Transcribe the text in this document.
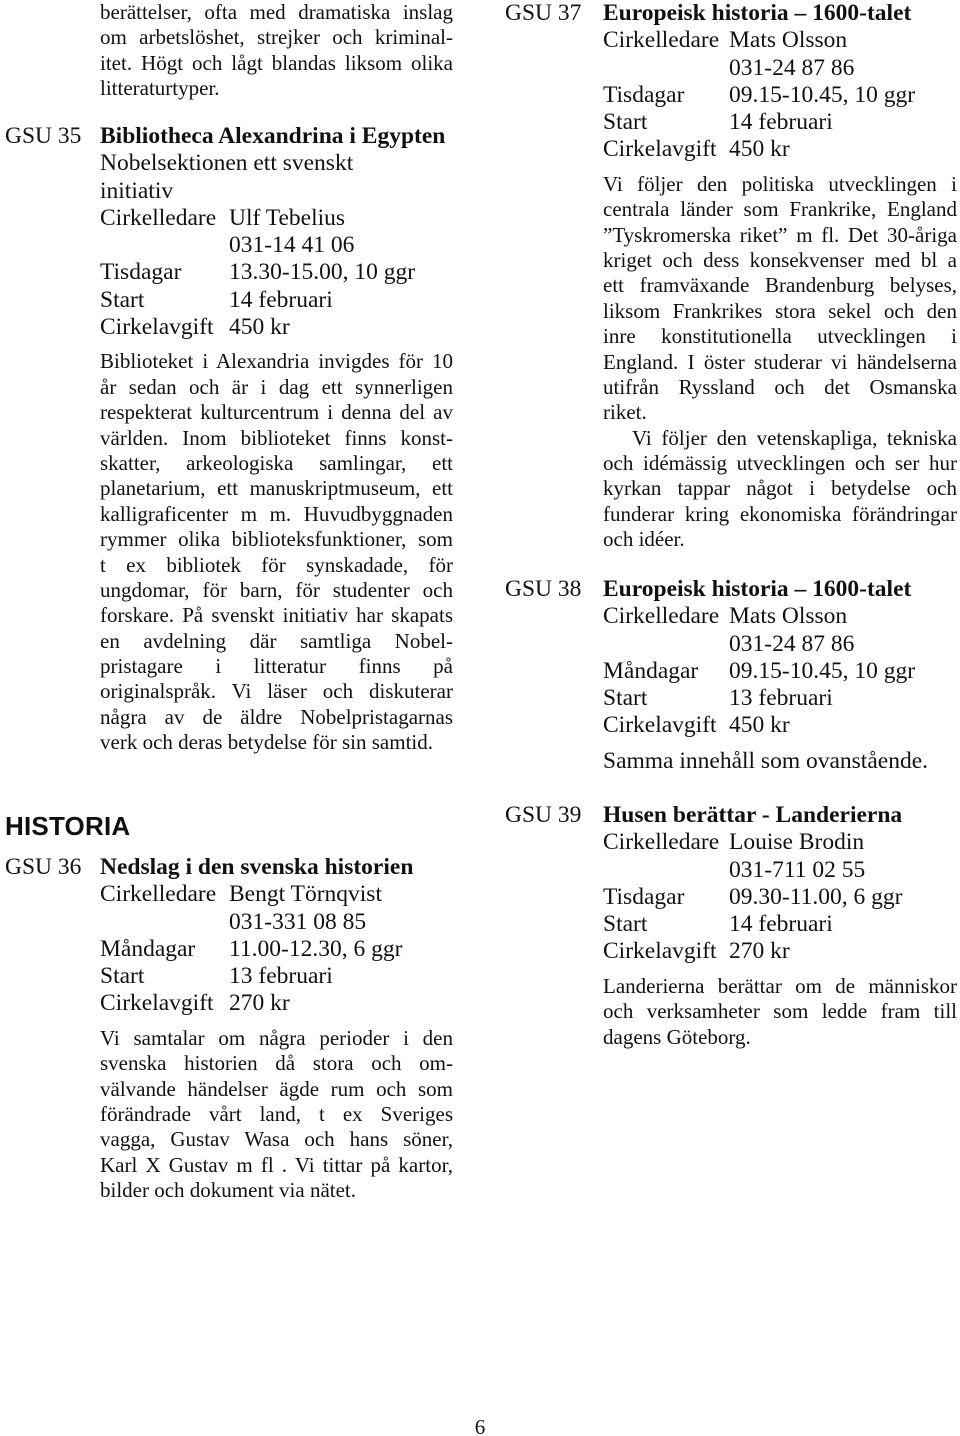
berättelser, ofta med dramatiska inslag
om arbetslöshet, strejker och kriminal-
itet. Högt och lågt blandas liksom olika
litteraturtyper.
GSU 35 Bibliotheca Alexandrina i Egypten
Nobelsektionen ett svenskt
initiativ
Cirkelledare Ulf Tebelius
031-14 41 06
Tisdagar 13.30-15.00, 10 ggr
Start	14 februari
Cirkelavgift 450 kr
Biblioteket i Alexandria invigdes för 10
år sedan och är i dag ett synnerligen
respekterat kulturcentrum i denna del av
världen. Inom biblioteket finns konst-
skatter, arkeologiska samlingar, ett
planetarium, ett manuskriptmuseum, ett
kalligraficenter m m. Huvudbyggnaden
rymmer olika biblioteksfunktioner, som
t ex bibliotek för synskadade, för
ungdomar, för barn, för studenter och
forskare. På svenskt initiativ har skapats
en avdelning där samtliga Nobel-
pristagare i litteratur finns på
originalspråk. Vi läser och diskuterar
några av de äldre Nobelpristagarnas
verk och deras betydelse för sin samtid.
HISTORIA
GSU 36 Nedslag i den svenska historien
Cirkelledare Bengt Törnqvist
031-331 08 85
Måndagar 11.00-12.30, 6 ggr
Start	13 februari
Cirkelavgift 270 kr
Vi samtalar om några perioder i den
svenska historien då stora och om-
välvande händelser ägde rum och som
förändrade vårt land, t ex Sveriges
vagga, Gustav Wasa och hans söner,
Karl X Gustav m fl . Vi tittar på kartor,
bilder och dokument via nätet.
GSU 37 Europeisk historia – 1600-talet
Cirkelledare Mats Olsson
031-24 87 86
Tisdagar 09.15-10.45, 10 ggr
Start	14 februari
Cirkelavgift 450 kr
Vi följer den politiska utvecklingen i
centrala länder som Frankrike, England
”Tyskromerska riket” m fl. Det 30-åriga
kriget och dess konsekvenser med bl a
ett framväxande Brandenburg belyses,
liksom Frankrikes stora sekel och den
inre konstitutionella utvecklingen i
England. I öster studerar vi händelserna
utifrån Ryssland och det Osmanska
riket.
Vi följer den vetenskapliga, tekniska
och idémässig utvecklingen och ser hur
kyrkan tappar något i betydelse och
funderar kring ekonomiska förändringar
och idéer.
GSU 38 Europeisk historia – 1600-talet
Cirkelledare Mats Olsson
031-24 87 86
Måndagar 09.15-10.45, 10 ggr
Start	13 februari
Cirkelavgift 450 kr
Samma innehåll som ovanstående.
GSU 39 Husen berättar - Landerierna
Cirkelledare Louise Brodin
031-711 02 55
Tisdagar 09.30-11.00, 6 ggr
Start	14 februari
Cirkelavgift 270 kr
Landerierna berättar om de människor
och verksamheter som ledde fram till
dagens Göteborg.
6
